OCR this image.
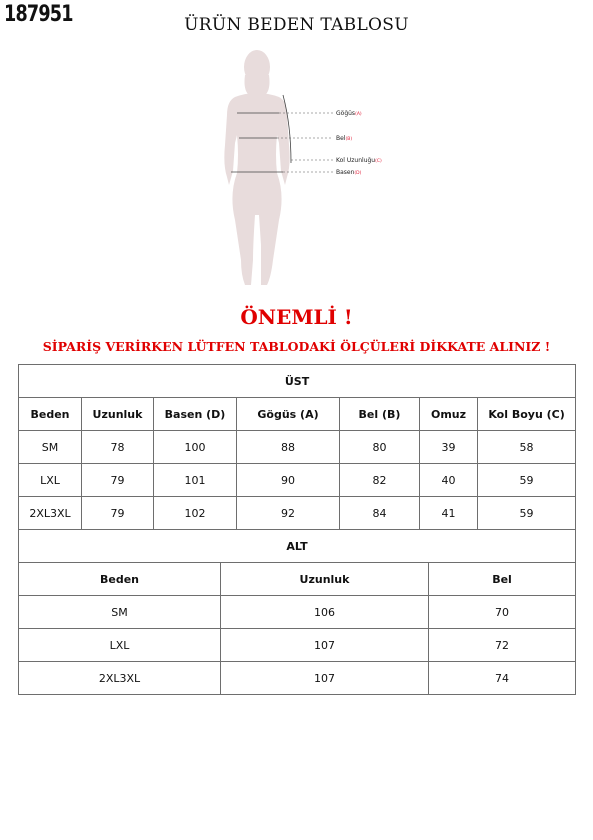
187951	ÜRÜN BEDEN TABLOSU
Göğüs(A)
Bel(B)
Kol Uzunluğu(C)
Basen(D)
ÖNEMLİ !
SİPARİŞ VERİRKEN LÜTFEN TABLODAKİ ÖLÇÜLERİ DİKKATE ALINIZ !
ÜST						
Beden	Uzunluk	Basen (D)	Gögüs (A)	Bel (B)	Omuz	Kol Boyu (C)
SM	78	100	88	80	39	58
LXL	79	101	90	82	40	59
2XL3XL	79	102	92	84	41	59
ALT		
Beden	Uzunluk	Bel
SM	106	70
LXL	107	72
2XL3XL	107	74
